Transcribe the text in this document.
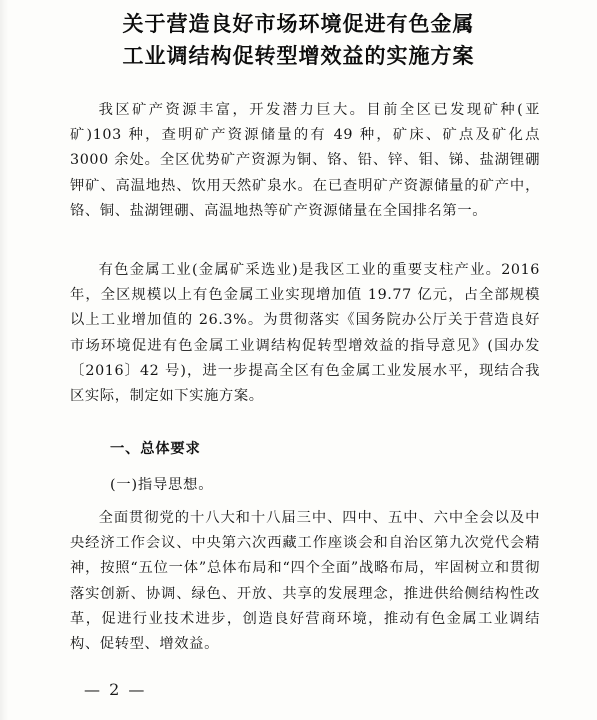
关于营造良好市场环境促进有色金属
工业调结构促转型增效益的实施方案

我区矿产资源丰富，开发潜力巨大。目前全区已发现矿种(亚矿)103 种，查明矿产资源储量的有 49 种，矿床、矿点及矿化点 3000 余处。全区优势矿产资源为铜、铬、铅、锌、钼、锑、盐湖锂硼钾矿、高温地热、饮用天然矿泉水。在已查明矿产资源储量的矿产中，铬、铜、盐湖锂硼、高温地热等矿产资源储量在全国排名第一。

有色金属工业(金属矿采选业)是我区工业的重要支柱产业。2016 年，全区规模以上有色金属工业实现增加值 19.77 亿元，占全部规模以上工业增加值的 26.3%。为贯彻落实《国务院办公厅关于营造良好市场环境促进有色金属工业调结构促转型增效益的指导意见》(国办发〔2016〕42 号)，进一步提高全区有色金属工业发展水平，现结合我区实际，制定如下实施方案。

一、总体要求
(一)指导思想。

全面贯彻党的十八大和十八届三中、四中、五中、六中全会以及中央经济工作会议、中央第六次西藏工作座谈会和自治区第九次党代会精神，按照“五位一体”总体布局和“四个全面”战略布局，牢固树立和贯彻落实创新、协调、绿色、开放、共享的发展理念，推进供给侧结构性改革，促进行业技术进步，创造良好营商环境，推动有色金属工业调结构、促转型、增效益。

— 2 —
